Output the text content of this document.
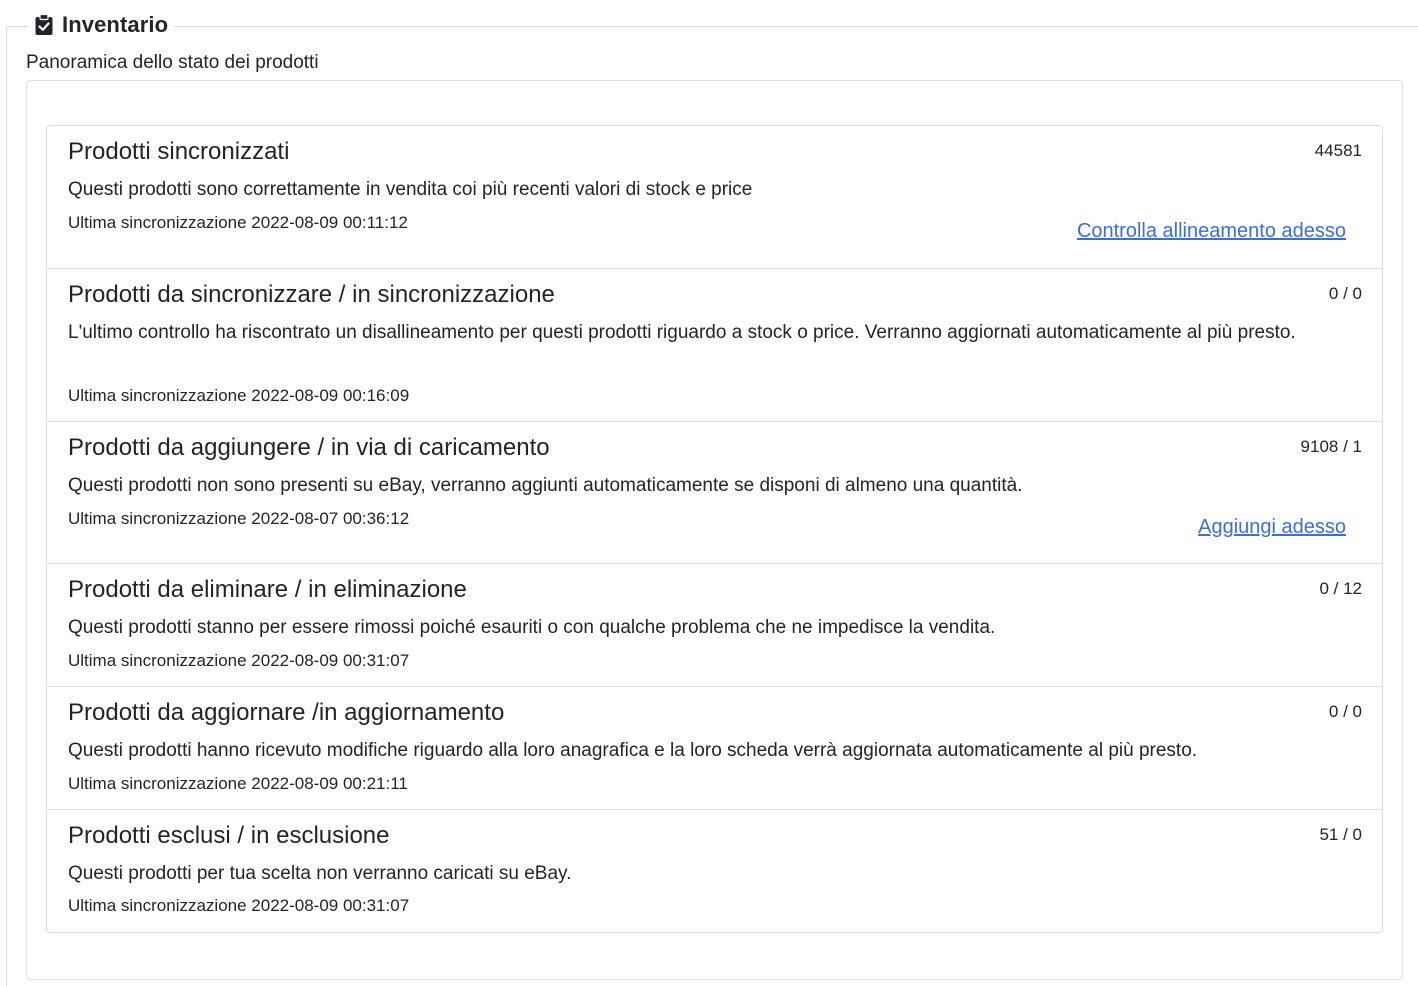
Inventario
Panoramica dello stato dei prodotti
Prodotti sincronizzati	44581
Questi prodotti sono correttamente in vendita coi più recenti valori di stock e price
Ultima sincronizzazione 2022-08-09 00:11:12	Controlla allineamento adesso
Prodotti da sincronizzare / in sincronizzazione	0 / 0
L'ultimo controllo ha riscontrato un disallineamento per questi prodotti riguardo a stock o price. Verranno aggiornati automaticamente al più presto.
Ultima sincronizzazione 2022-08-09 00:16:09
Prodotti da aggiungere / in via di caricamento	9108 / 1
Questi prodotti non sono presenti su eBay, verranno aggiunti automaticamente se disponi di almeno una quantità.
Ultima sincronizzazione 2022-08-07 00:36:12	Aggiungi adesso
Prodotti da eliminare / in eliminazione	0 / 12
Questi prodotti stanno per essere rimossi poiché esauriti o con qualche problema che ne impedisce la vendita.
Ultima sincronizzazione 2022-08-09 00:31:07
Prodotti da aggiornare /in aggiornamento	0 / 0
Questi prodotti hanno ricevuto modifiche riguardo alla loro anagrafica e la loro scheda verrà aggiornata automaticamente al più presto.
Ultima sincronizzazione 2022-08-09 00:21:11
Prodotti esclusi / in esclusione	51 / 0
Questi prodotti per tua scelta non verranno caricati su eBay.
Ultima sincronizzazione 2022-08-09 00:31:07
